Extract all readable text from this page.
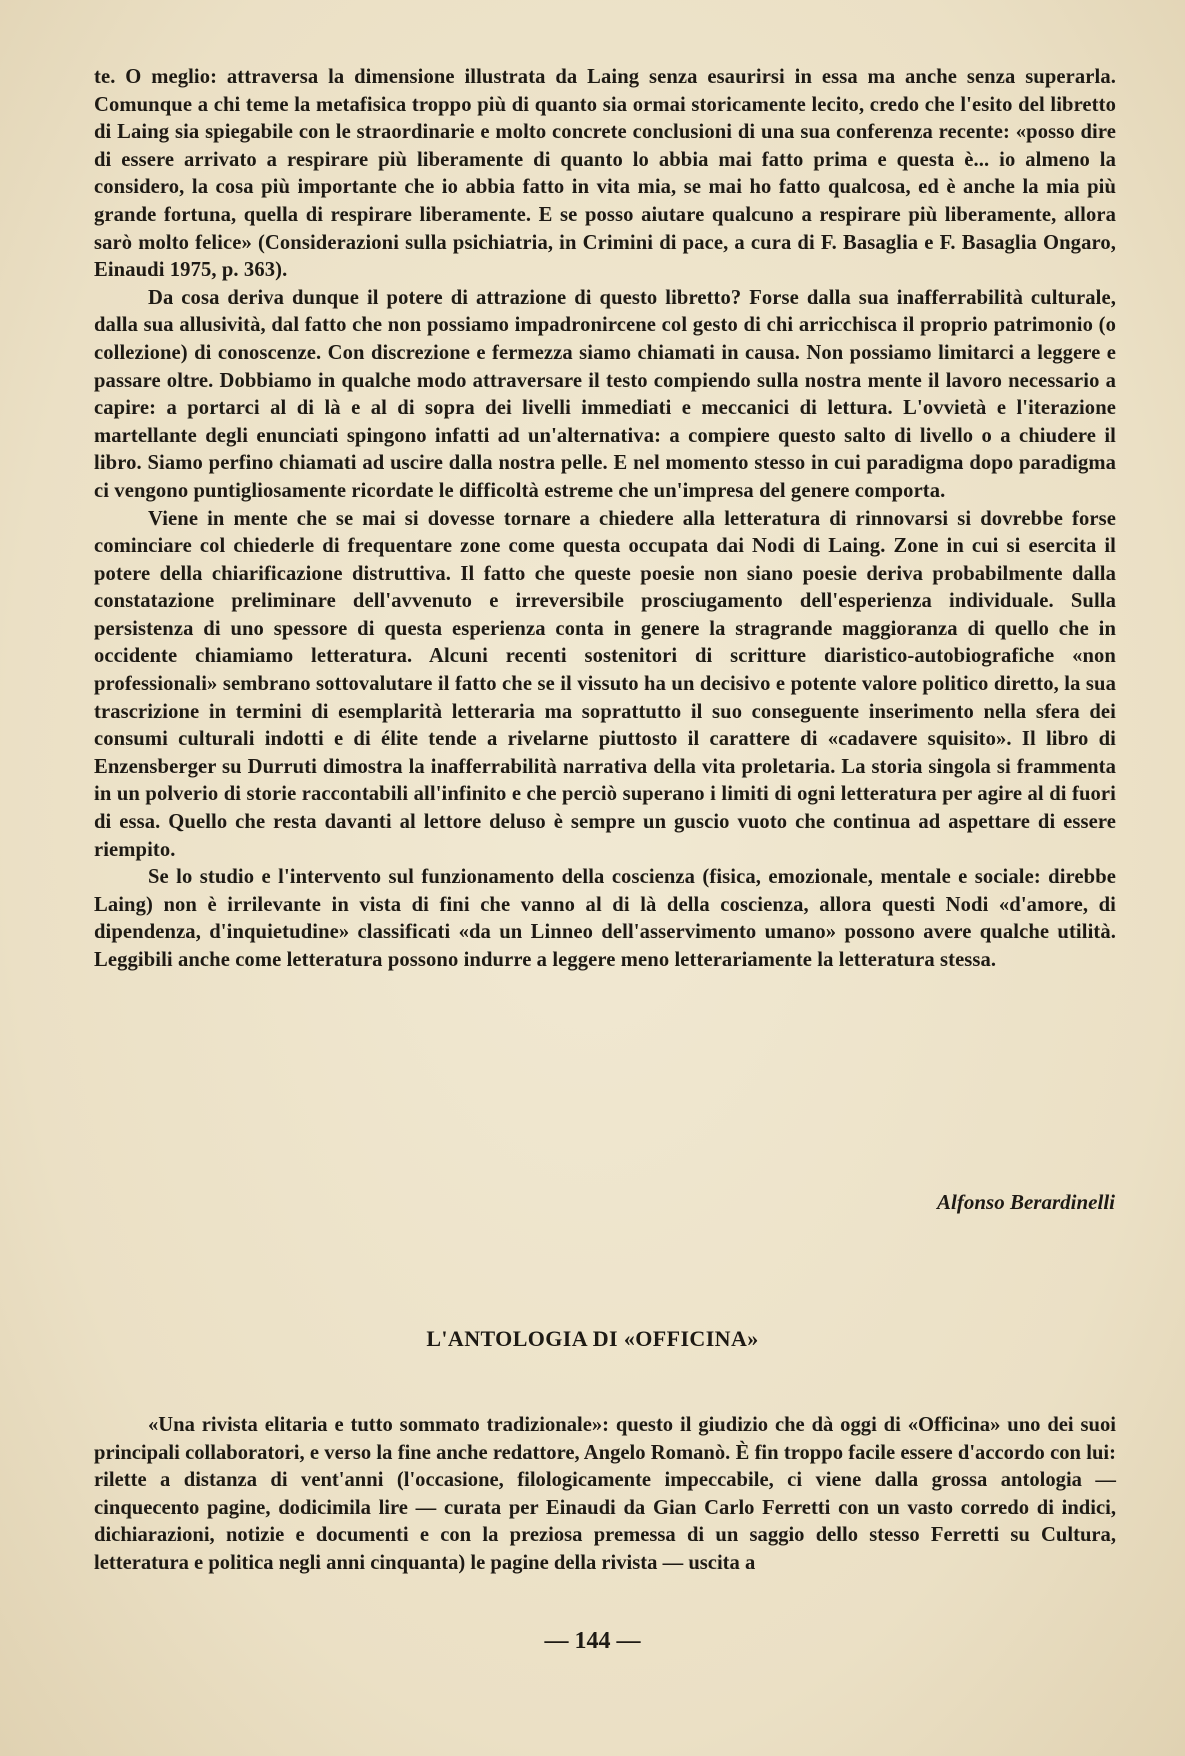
te. O meglio: attraversa la dimensione illustrata da Laing senza esaurirsi in essa ma anche senza superarla. Comunque a chi teme la metafisica troppo più di quanto sia ormai storicamente lecito, credo che l'esito del libretto di Laing sia spiegabile con le straordinarie e molto concrete conclusioni di una sua conferenza recente: «posso dire di essere arrivato a respirare più liberamente di quanto lo abbia mai fatto prima e questa è... io almeno la considero, la cosa più importante che io abbia fatto in vita mia, se mai ho fatto qualcosa, ed è anche la mia più grande fortuna, quella di respirare liberamente. E se posso aiutare qualcuno a respirare più liberamente, allora sarò molto felice» (Considerazioni sulla psichiatria, in Crimini di pace, a cura di F. Basaglia e F. Basaglia Ongaro, Einaudi 1975, p. 363).

Da cosa deriva dunque il potere di attrazione di questo libretto? Forse dalla sua inafferrabilità culturale, dalla sua allusività, dal fatto che non possiamo impadronircene col gesto di chi arricchisca il proprio patrimonio (o collezione) di conoscenze. Con discrezione e fermezza siamo chiamati in causa. Non possiamo limitarci a leggere e passare oltre. Dobbiamo in qualche modo attraversare il testo compiendo sulla nostra mente il lavoro necessario a capire: a portarci al di là e al di sopra dei livelli immediati e meccanici di lettura. L'ovvietà e l'iterazione martellante degli enunciati spingono infatti ad un'alternativa: a compiere questo salto di livello o a chiudere il libro. Siamo perfino chiamati ad uscire dalla nostra pelle. E nel momento stesso in cui paradigma dopo paradigma ci vengono puntigliosamente ricordate le difficoltà estreme che un'impresa del genere comporta.

Viene in mente che se mai si dovesse tornare a chiedere alla letteratura di rinnovarsi si dovrebbe forse cominciare col chiederle di frequentare zone come questa occupata dai Nodi di Laing. Zone in cui si esercita il potere della chiarificazione distruttiva. Il fatto che queste poesie non siano poesie deriva probabilmente dalla constatazione preliminare dell'avvenuto e irreversibile prosciugamento dell'esperienza individuale. Sulla persistenza di uno spessore di questa esperienza conta in genere la stragrande maggioranza di quello che in occidente chiamiamo letteratura. Alcuni recenti sostenitori di scritture diaristico-autobiografiche «non professionali» sembrano sottovalutare il fatto che se il vissuto ha un decisivo e potente valore politico diretto, la sua trascrizione in termini di esemplarità letteraria ma soprattutto il suo conseguente inserimento nella sfera dei consumi culturali indotti e di élite tende a rivelarne piuttosto il carattere di «cadavere squisito». Il libro di Enzensberger su Durruti dimostra la inafferrabilità narrativa della vita proletaria. La storia singola si frammenta in un polverio di storie raccontabili all'infinito e che perciò superano i limiti di ogni letteratura per agire al di fuori di essa. Quello che resta davanti al lettore deluso è sempre un guscio vuoto che continua ad aspettare di essere riempito.

Se lo studio e l'intervento sul funzionamento della coscienza (fisica, emozionale, mentale e sociale: direbbe Laing) non è irrilevante in vista di fini che vanno al di là della coscienza, allora questi Nodi «d'amore, di dipendenza, d'inquietudine» classificati «da un Linneo dell'asservimento umano» possono avere qualche utilità. Leggibili anche come letteratura possono indurre a leggere meno letterariamente la letteratura stessa.

Alfonso Berardinelli
L'ANTOLOGIA DI «OFFICINA»

«Una rivista elitaria e tutto sommato tradizionale»: questo il giudizio che dà oggi di «Officina» uno dei suoi principali collaboratori, e verso la fine anche redattore, Angelo Romanò. È fin troppo facile essere d'accordo con lui: rilette a distanza di vent'anni (l'occasione, filologicamente impeccabile, ci viene dalla grossa antologia — cinquecento pagine, dodicimila lire — curata per Einaudi da Gian Carlo Ferretti con un vasto corredo di indici, dichiarazioni, notizie e documenti e con la preziosa premessa di un saggio dello stesso Ferretti su Cultura, letteratura e politica negli anni cinquanta) le pagine della rivista — uscita a

— 144 —
